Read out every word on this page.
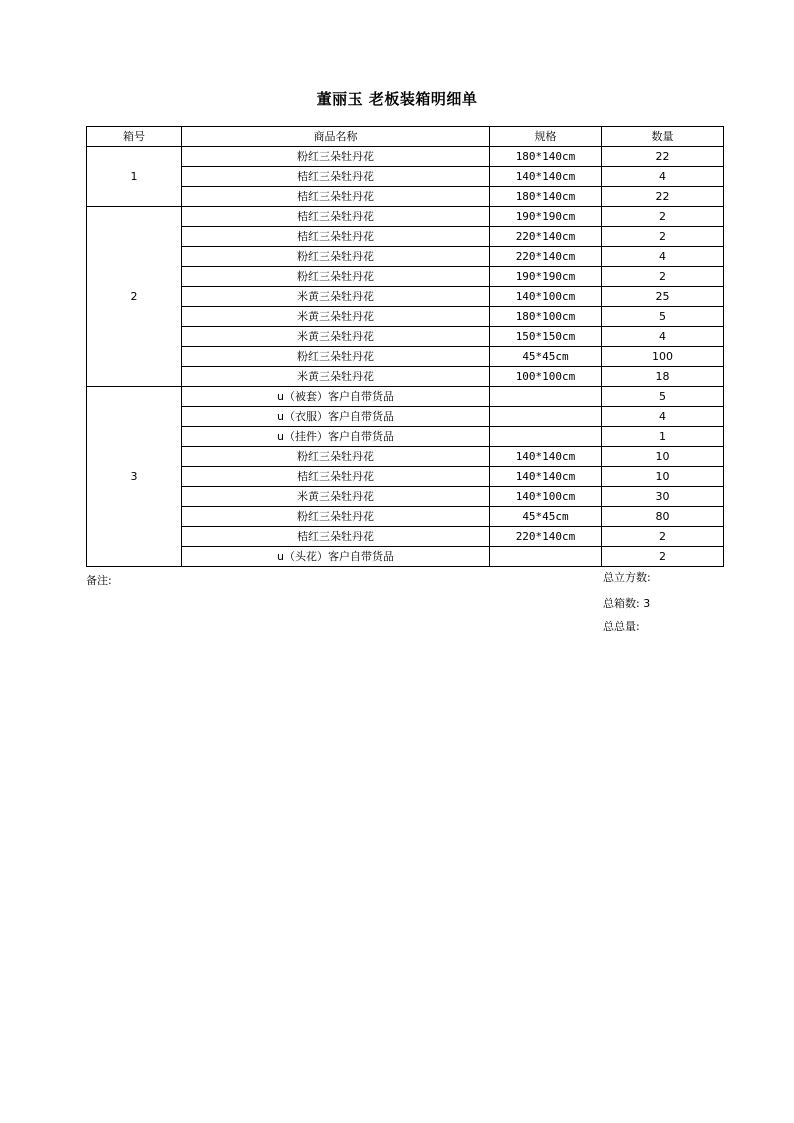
董丽玉 老板装箱明细单
箱号	商品名称	规格	数量
1	粉红三朵牡丹花	180*140cm	22
	桔红三朵牡丹花	140*140cm	4
	桔红三朵牡丹花	180*140cm	22
2	桔红三朵牡丹花	190*190cm	2
	桔红三朵牡丹花	220*140cm	2
	粉红三朵牡丹花	220*140cm	4
	粉红三朵牡丹花	190*190cm	2
	米黄三朵牡丹花	140*100cm	25
	米黄三朵牡丹花	180*100cm	5
	米黄三朵牡丹花	150*150cm	4
	粉红三朵牡丹花	45*45cm	100
	米黄三朵牡丹花	100*100cm	18
3	u（被套）客户自带货品		5
	u（衣服）客户自带货品		4
	u（挂件）客户自带货品		1
	粉红三朵牡丹花	140*140cm	10
	桔红三朵牡丹花	140*140cm	10
	米黄三朵牡丹花	140*100cm	30
	粉红三朵牡丹花	45*45cm	80
	桔红三朵牡丹花	220*140cm	2
	u（头花）客户自带货品		2
备注:	总立方数:
总箱数: 3
总总量:
